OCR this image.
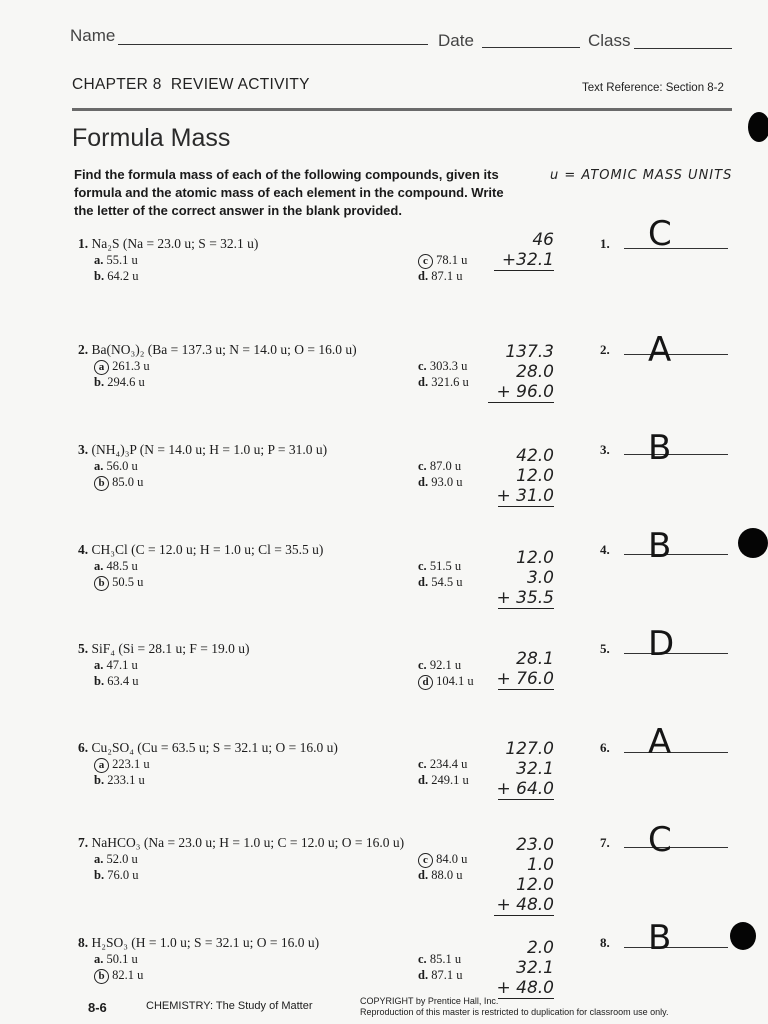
Name	Date	Class
CHAPTER 8 REVIEW ACTIVITY	Text Reference: Section 8-2
Formula Mass
Find the formula mass of each of the following compounds, given its formula and the atomic mass of each element in the compound. Write the letter of the correct answer in the blank provided.
u = ATOMIC MASS UNITS
1. Na₂S (Na = 23.0 u; S = 32.1 u)
a. 55.1 u
b. 64.2 u
c 78.1 u
d. 87.1 u
46
+32.1
1. C
2. Ba(NO₃)₂ (Ba = 137.3 u; N = 14.0 u; O = 16.0 u)
a 261.3 u
b. 294.6 u
c. 303.3 u
d. 321.6 u
137.3
28.0
+ 96.0
2. A
3. (NH₄)₃P (N = 14.0 u; H = 1.0 u; P = 31.0 u)
a. 56.0 u
b 85.0 u
c. 87.0 u
d. 93.0 u
42.0
12.0
+ 31.0
3. B
4. CH₃Cl (C = 12.0 u; H = 1.0 u; Cl = 35.5 u)
a. 48.5 u
b 50.5 u
c. 51.5 u
d. 54.5 u
12.0
3.0
+ 35.5
4. B
5. SiF₄ (Si = 28.1 u; F = 19.0 u)
a. 47.1 u
b. 63.4 u
c. 92.1 u
d 104.1 u
28.1
+ 76.0
5. D
6. Cu₂SO₄ (Cu = 63.5 u; S = 32.1 u; O = 16.0 u)
a 223.1 u
b. 233.1 u
c. 234.4 u
d. 249.1 u
127.0
32.1
+ 64.0
6. A
7. NaHCO₃ (Na = 23.0 u; H = 1.0 u; C = 12.0 u; O = 16.0 u)
a. 52.0 u
b. 76.0 u
c 84.0 u
d. 88.0 u
23.0
1.0
12.0
+ 48.0
7. C
8. H₂SO₃ (H = 1.0 u; S = 32.1 u; O = 16.0 u)
a. 50.1 u
b 82.1 u
c. 85.1 u
d. 87.1 u
2.0
32.1
+ 48.0
8. B
8-6	CHEMISTRY: The Study of Matter	COPYRIGHT by Prentice Hall, Inc.
Reproduction of this master is restricted to duplication for classroom use only.
